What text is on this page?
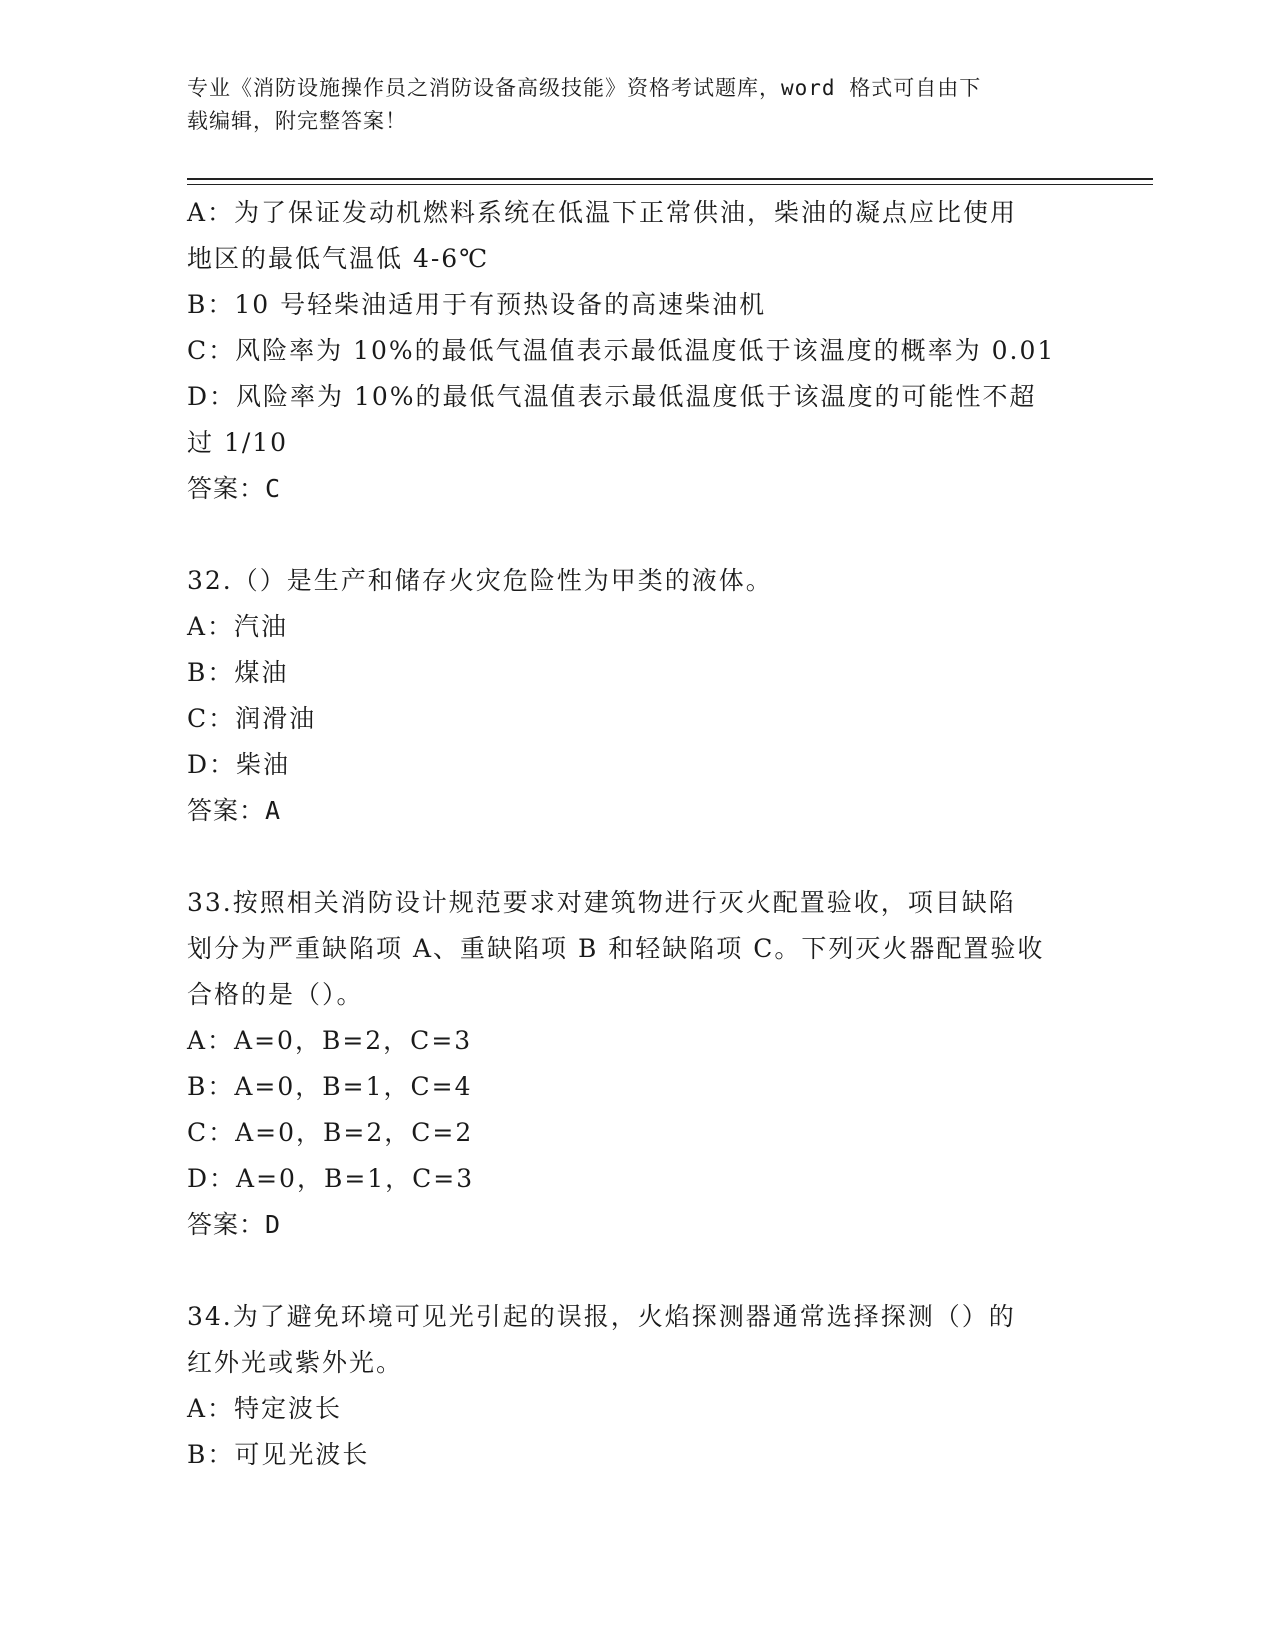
专业《消防设施操作员之消防设备高级技能》资格考试题库，word 格式可自由下
载编辑，附完整答案！
A：为了保证发动机燃料系统在低温下正常供油，柴油的凝点应比使用
地区的最低气温低 4-6℃
B：10 号轻柴油适用于有预热设备的高速柴油机
C：风险率为 10%的最低气温值表示最低温度低于该温度的概率为 0.01
D：风险率为 10%的最低气温值表示最低温度低于该温度的可能性不超
过 1/10
答案：C
32.（）是生产和储存火灾危险性为甲类的液体。
A：汽油
B：煤油
C：润滑油
D：柴油
答案：A
33.按照相关消防设计规范要求对建筑物进行灭火配置验收，项目缺陷
划分为严重缺陷项 A、重缺陷项 B 和轻缺陷项 C。下列灭火器配置验收
合格的是（）。
A：A=0，B=2，C=3
B：A=0，B=1，C=4
C：A=0，B=2，C=2
D：A=0，B=1，C=3
答案：D
34.为了避免环境可见光引起的误报，火焰探测器通常选择探测（）的
红外光或紫外光。
A：特定波长
B：可见光波长
